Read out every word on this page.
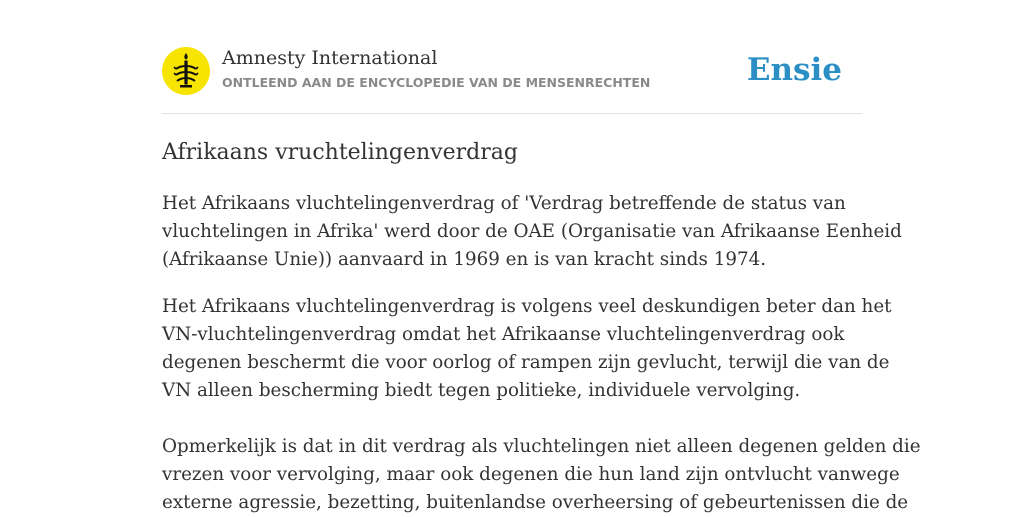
Amnesty International
ONTLEEND AAN DE ENCYCLOPEDIE VAN DE MENSENRECHTEN	Ensie
Afrikaans vruchtelingenverdrag

Het Afrikaans vluchtelingenverdrag of 'Verdrag betreffende de status van

vluchtelingen in Afrika' werd door de OAE (Organisatie van Afrikaanse Eenheid

(Afrikaanse Unie)) aanvaard in 1969 en is van kracht sinds 1974.

Het Afrikaans vluchtelingenverdrag is volgens veel deskundigen beter dan het

VN-vluchtelingenverdrag omdat het Afrikaanse vluchtelingenverdrag ook

degenen beschermt die voor oorlog of rampen zijn gevlucht, terwijl die van de

VN alleen bescherming biedt tegen politieke, individuele vervolging.

Opmerkelijk is dat in dit verdrag als vluchtelingen niet alleen degenen gelden die

vrezen voor vervolging, maar ook degenen die hun land zijn ontvlucht vanwege

externe agressie, bezetting, buitenlandse overheersing of gebeurtenissen die de
